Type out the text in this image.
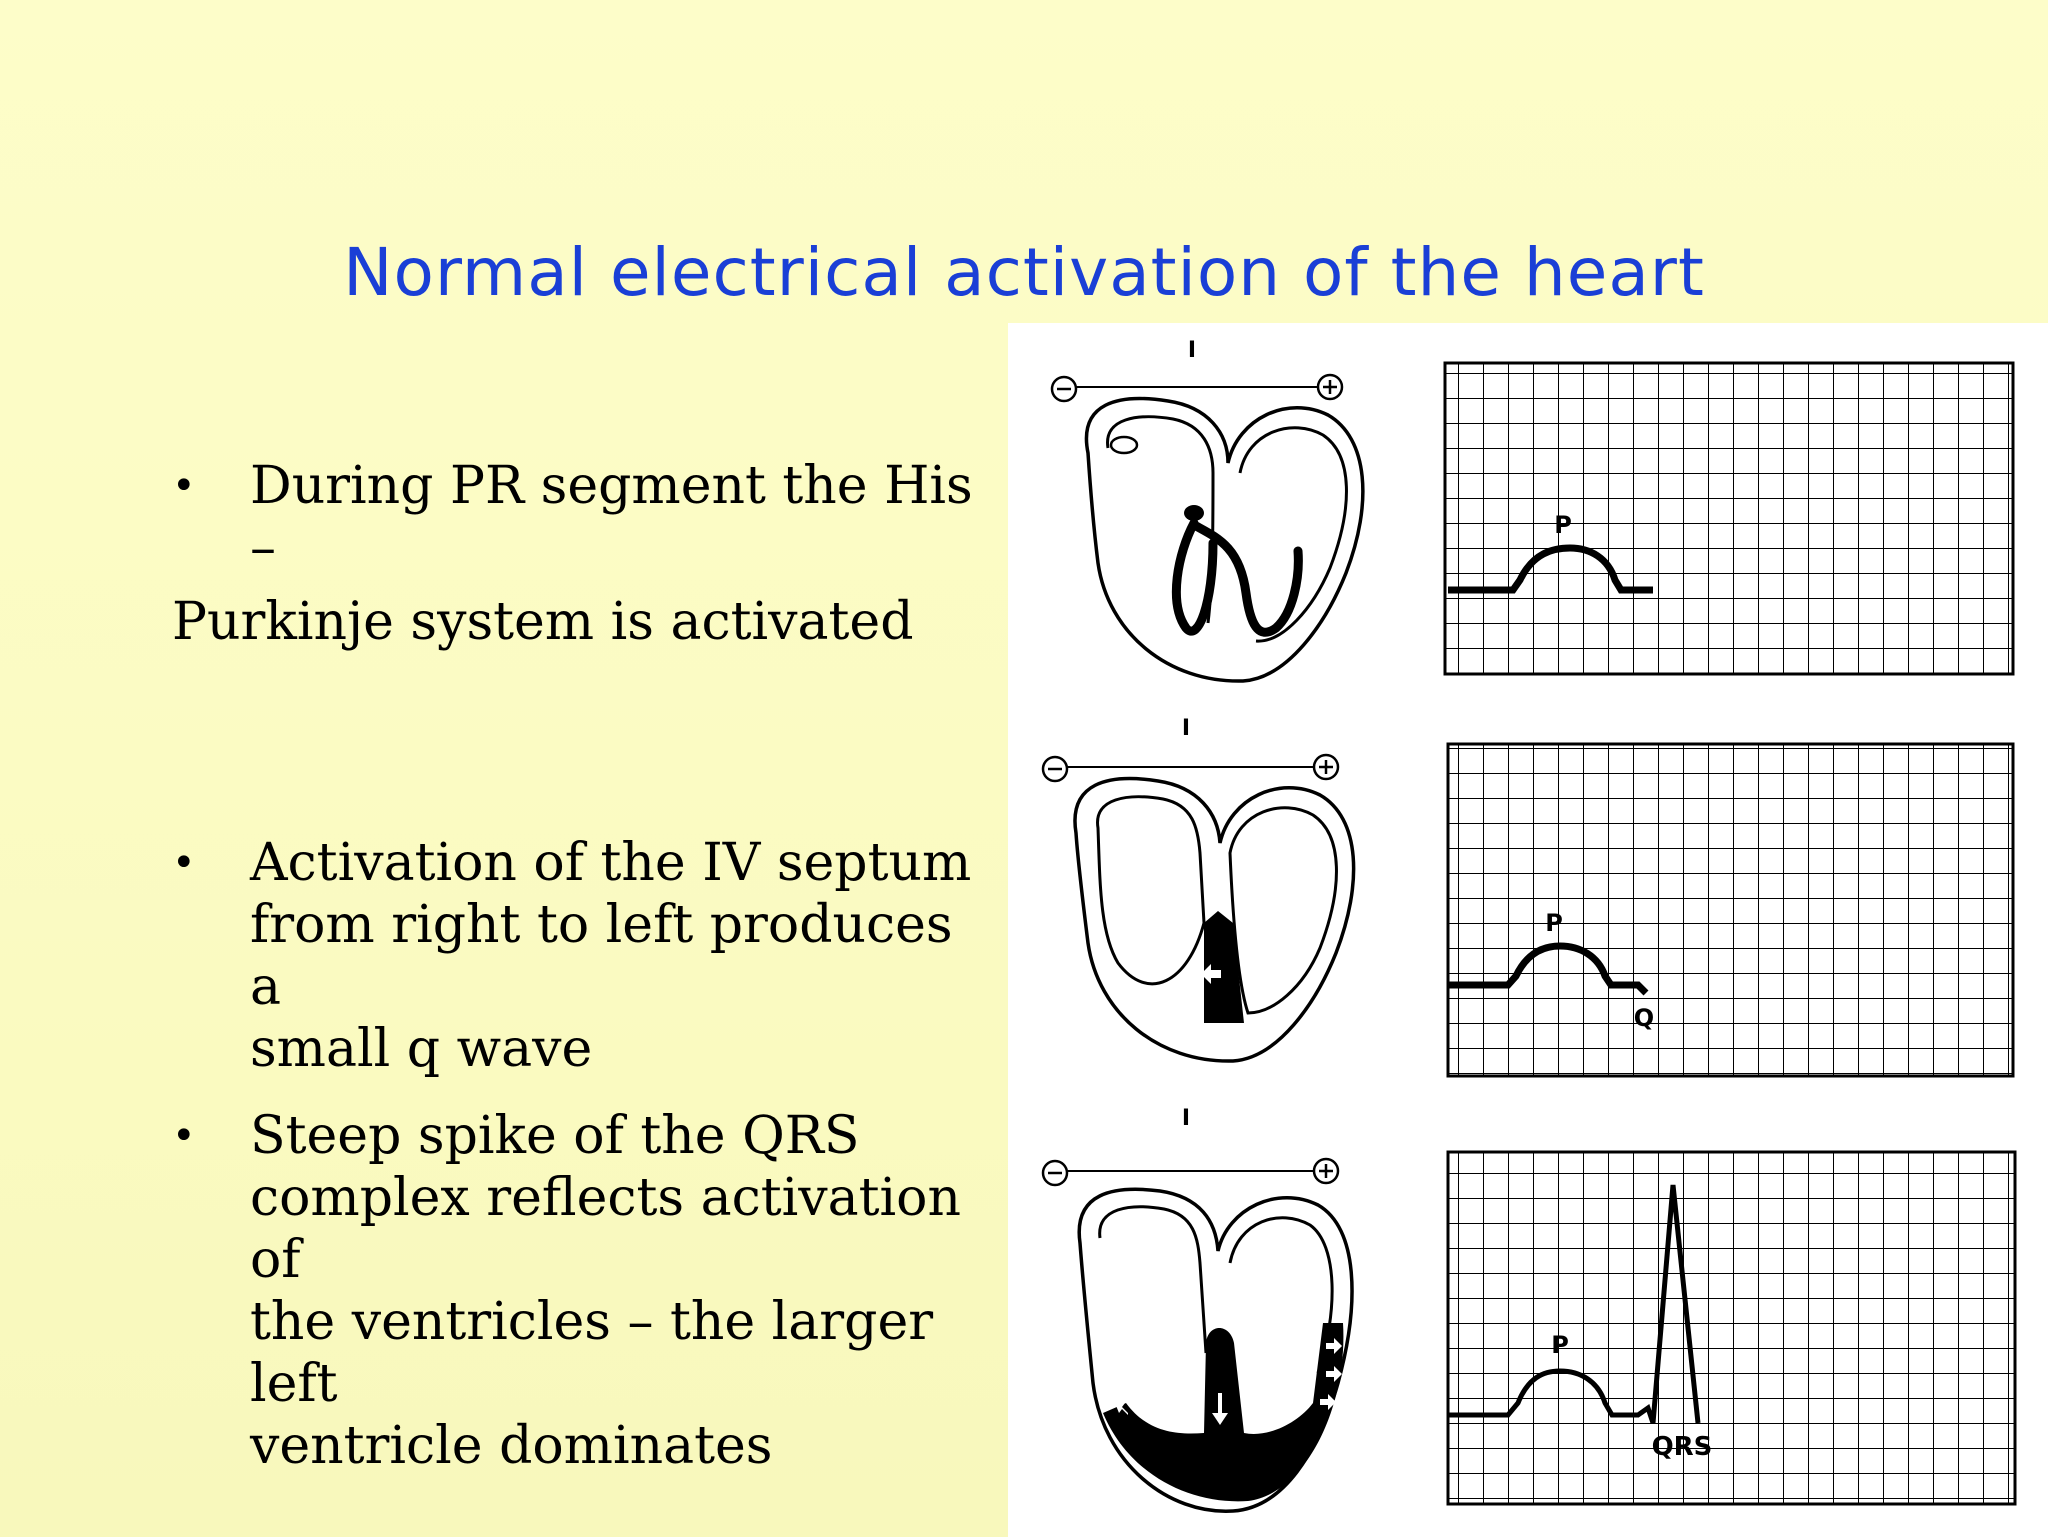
Normal electrical activation of the heart
• During PR segment the His –
Purkinje system is activated
• Activation of the IV septum
from right to left produces a
small q wave
• Steep spike of the QRS
complex reflects activation of
the ventricles – the larger left
ventricle dominates
I
P
I
P
Q
I
P
QRS
